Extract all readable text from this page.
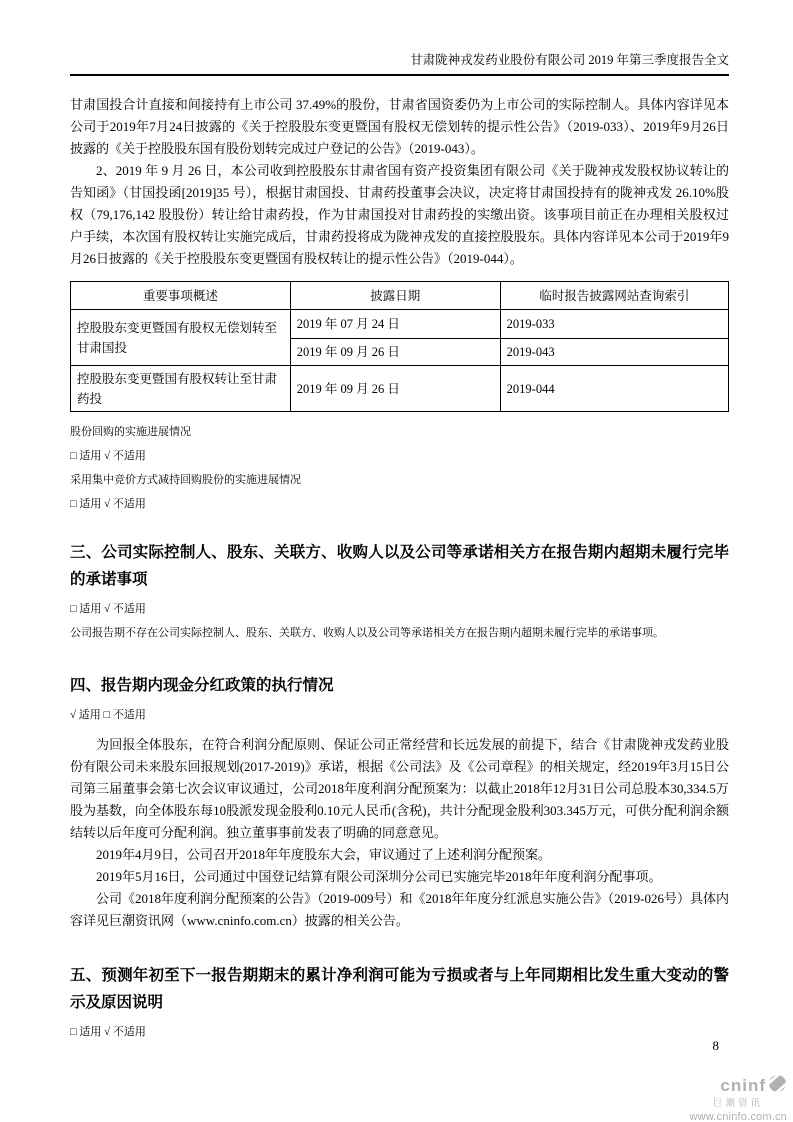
甘肃陇神戎发药业股份有限公司 2019 年第三季度报告全文

甘肃国投合计直接和间接持有上市公司 37.49%的股份，甘肃省国资委仍为上市公司的实际控制人。具体内容详见本公司于2019年7月24日披露的《关于控股股东变更暨国有股权无偿划转的提示性公告》（2019-033）、2019年9月26日披露的《关于控股股东国有股份划转完成过户登记的公告》（2019-043）。

2、2019 年 9 月 26 日，本公司收到控股股东甘肃省国有资产投资集团有限公司《关于陇神戎发股权协议转让的告知函》（甘国投函[2019]35 号），根据甘肃国投、甘肃药投董事会决议，决定将甘肃国投持有的陇神戎发 26.10%股权（79,176,142 股股份）转让给甘肃药投，作为甘肃国投对甘肃药投的实缴出资。该事项目前正在办理相关股权过户手续，本次国有股权转让实施完成后，甘肃药投将成为陇神戎发的直接控股股东。具体内容详见本公司于2019年9月26日披露的《关于控股股东变更暨国有股权转让的提示性公告》（2019-044）。

重要事项概述	披露日期	临时报告披露网站查询索引
控股股东变更暨国有股权无偿划转至甘肃国投	2019 年 07 月 24 日	2019-033
	2019 年 09 月 26 日	2019-043
控股股东变更暨国有股权转让至甘肃药投	2019 年 09 月 26 日	2019-044

股份回购的实施进展情况

□ 适用 √ 不适用

采用集中竞价方式减持回购股份的实施进展情况

□ 适用 √ 不适用

三、公司实际控制人、股东、关联方、收购人以及公司等承诺相关方在报告期内超期未履行完毕的承诺事项

□ 适用 √ 不适用

公司报告期不存在公司实际控制人、股东、关联方、收购人以及公司等承诺相关方在报告期内超期未履行完毕的承诺事项。

四、报告期内现金分红政策的执行情况

√ 适用 □ 不适用

为回报全体股东，在符合利润分配原则、保证公司正常经营和长远发展的前提下，结合《甘肃陇神戎发药业股份有限公司未来股东回报规划(2017-2019)》承诺，根据《公司法》及《公司章程》的相关规定，经2019年3月15日公司第三届董事会第七次会议审议通过，公司2018年度利润分配预案为：以截止2018年12月31日公司总股本30,334.5万股为基数，向全体股东每10股派发现金股利0.10元人民币(含税)，共计分配现金股利303.345万元，可供分配利润余额结转以后年度可分配利润。独立董事事前发表了明确的同意意见。

2019年4月9日，公司召开2018年年度股东大会，审议通过了上述利润分配预案。

2019年5月16日，公司通过中国登记结算有限公司深圳分公司已实施完毕2018年年度利润分配事项。

公司《2018年度利润分配预案的公告》（2019-009号）和《2018年年度分红派息实施公告》（2019-026号）具体内容详见巨潮资讯网（www.cninfo.com.cn）披露的相关公告。

五、预测年初至下一报告期期末的累计净利润可能为亏损或者与上年同期相比发生重大变动的警示及原因说明

□ 适用 √ 不适用

8
cninf
巨潮资讯
www.cninfo.com.cn
